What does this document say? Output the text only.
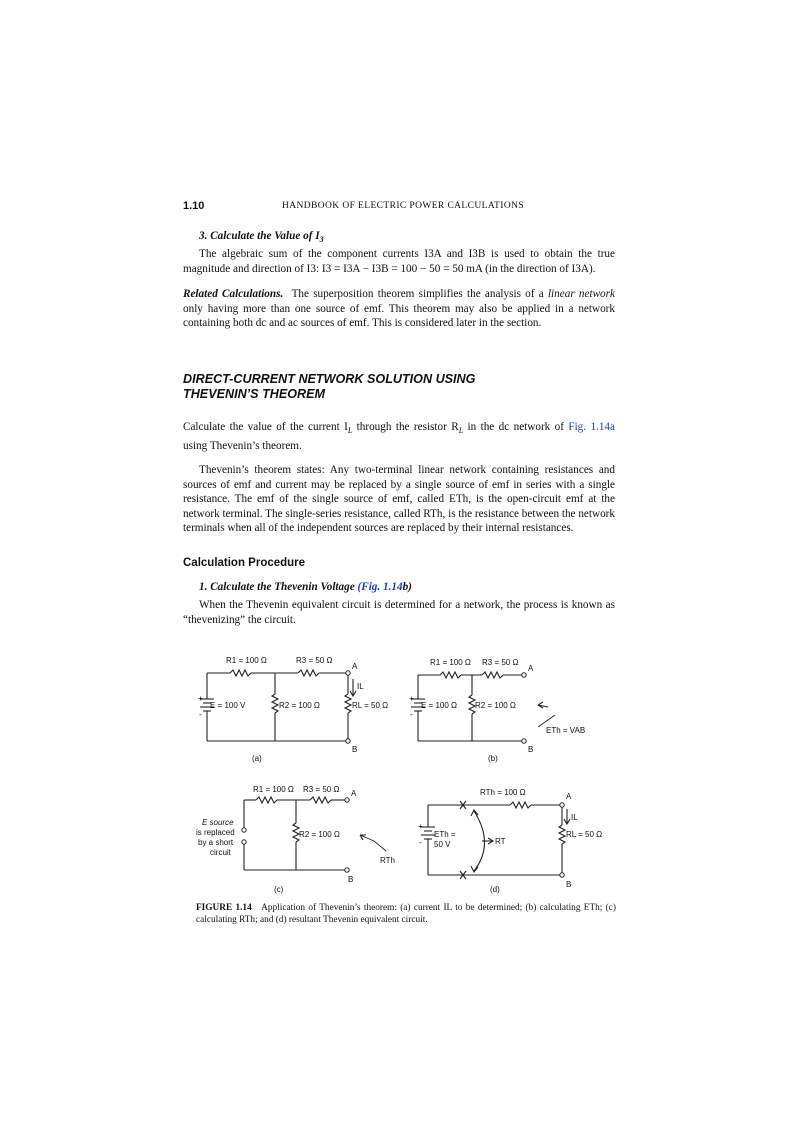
1.10	HANDBOOK OF ELECTRIC POWER CALCULATIONS
3. Calculate the Value of $I_3$
The algebraic sum of the component currents I3A and I3B is used to obtain the true magnitude and direction of I3: I3 = I3A − I3B = 100 − 50 = 50 mA (in the direction of I3A).
Related Calculations. The superposition theorem simplifies the analysis of a linear network only having more than one source of emf. This theorem may also be applied in a network containing both dc and ac sources of emf. This is considered later in the section.
DIRECT-CURRENT NETWORK SOLUTION USING
THEVENIN’S THEOREM
Calculate the value of the current $I_L$ through the resistor $R_L$ in the dc network of Fig. 1.14a using Thevenin’s theorem.
Thevenin’s theorem states: Any two-terminal linear network containing resistances and sources of emf and current may be replaced by a single source of emf in series with a single resistance. The emf of the single source of emf, called ETh, is the open-circuit emf at the network terminal. The single-series resistance, called RTh, is the resistance between the network terminals when all of the independent sources are replaced by their internal resistances.
Calculation Procedure
1. Calculate the Thevenin Voltage (Fig. 1.14b)
When the Thevenin equivalent circuit is determined for a network, the process is known as “thevenizing” the circuit.
R1 = 100 Ω	R3 = 50 Ω
A
B
E = 100 V	R2 = 100 Ω	RL = 50 Ω
IL
+
-
(a)
R1 = 100 Ω R3 = 50 Ω
A
B
E = 100 Ω R2 = 100 Ω
ETh = VAB
+
-
(b)
R1 = 100 Ω R3 = 50 Ω A
B
R2 = 100 Ω
E source
is replaced
by a short
circuit
RTh
(c)
RTh = 100 Ω	A
B
ETh =
50 V	RT
RL = 50 Ω
IL
+
-
(d)
FIGURE 1.14 Application of Thevenin’s theorem: (a) current IL to be determined; (b) calculating ETh; (c) calculating RTh; and (d) resultant Thevenin equivalent circuit.
